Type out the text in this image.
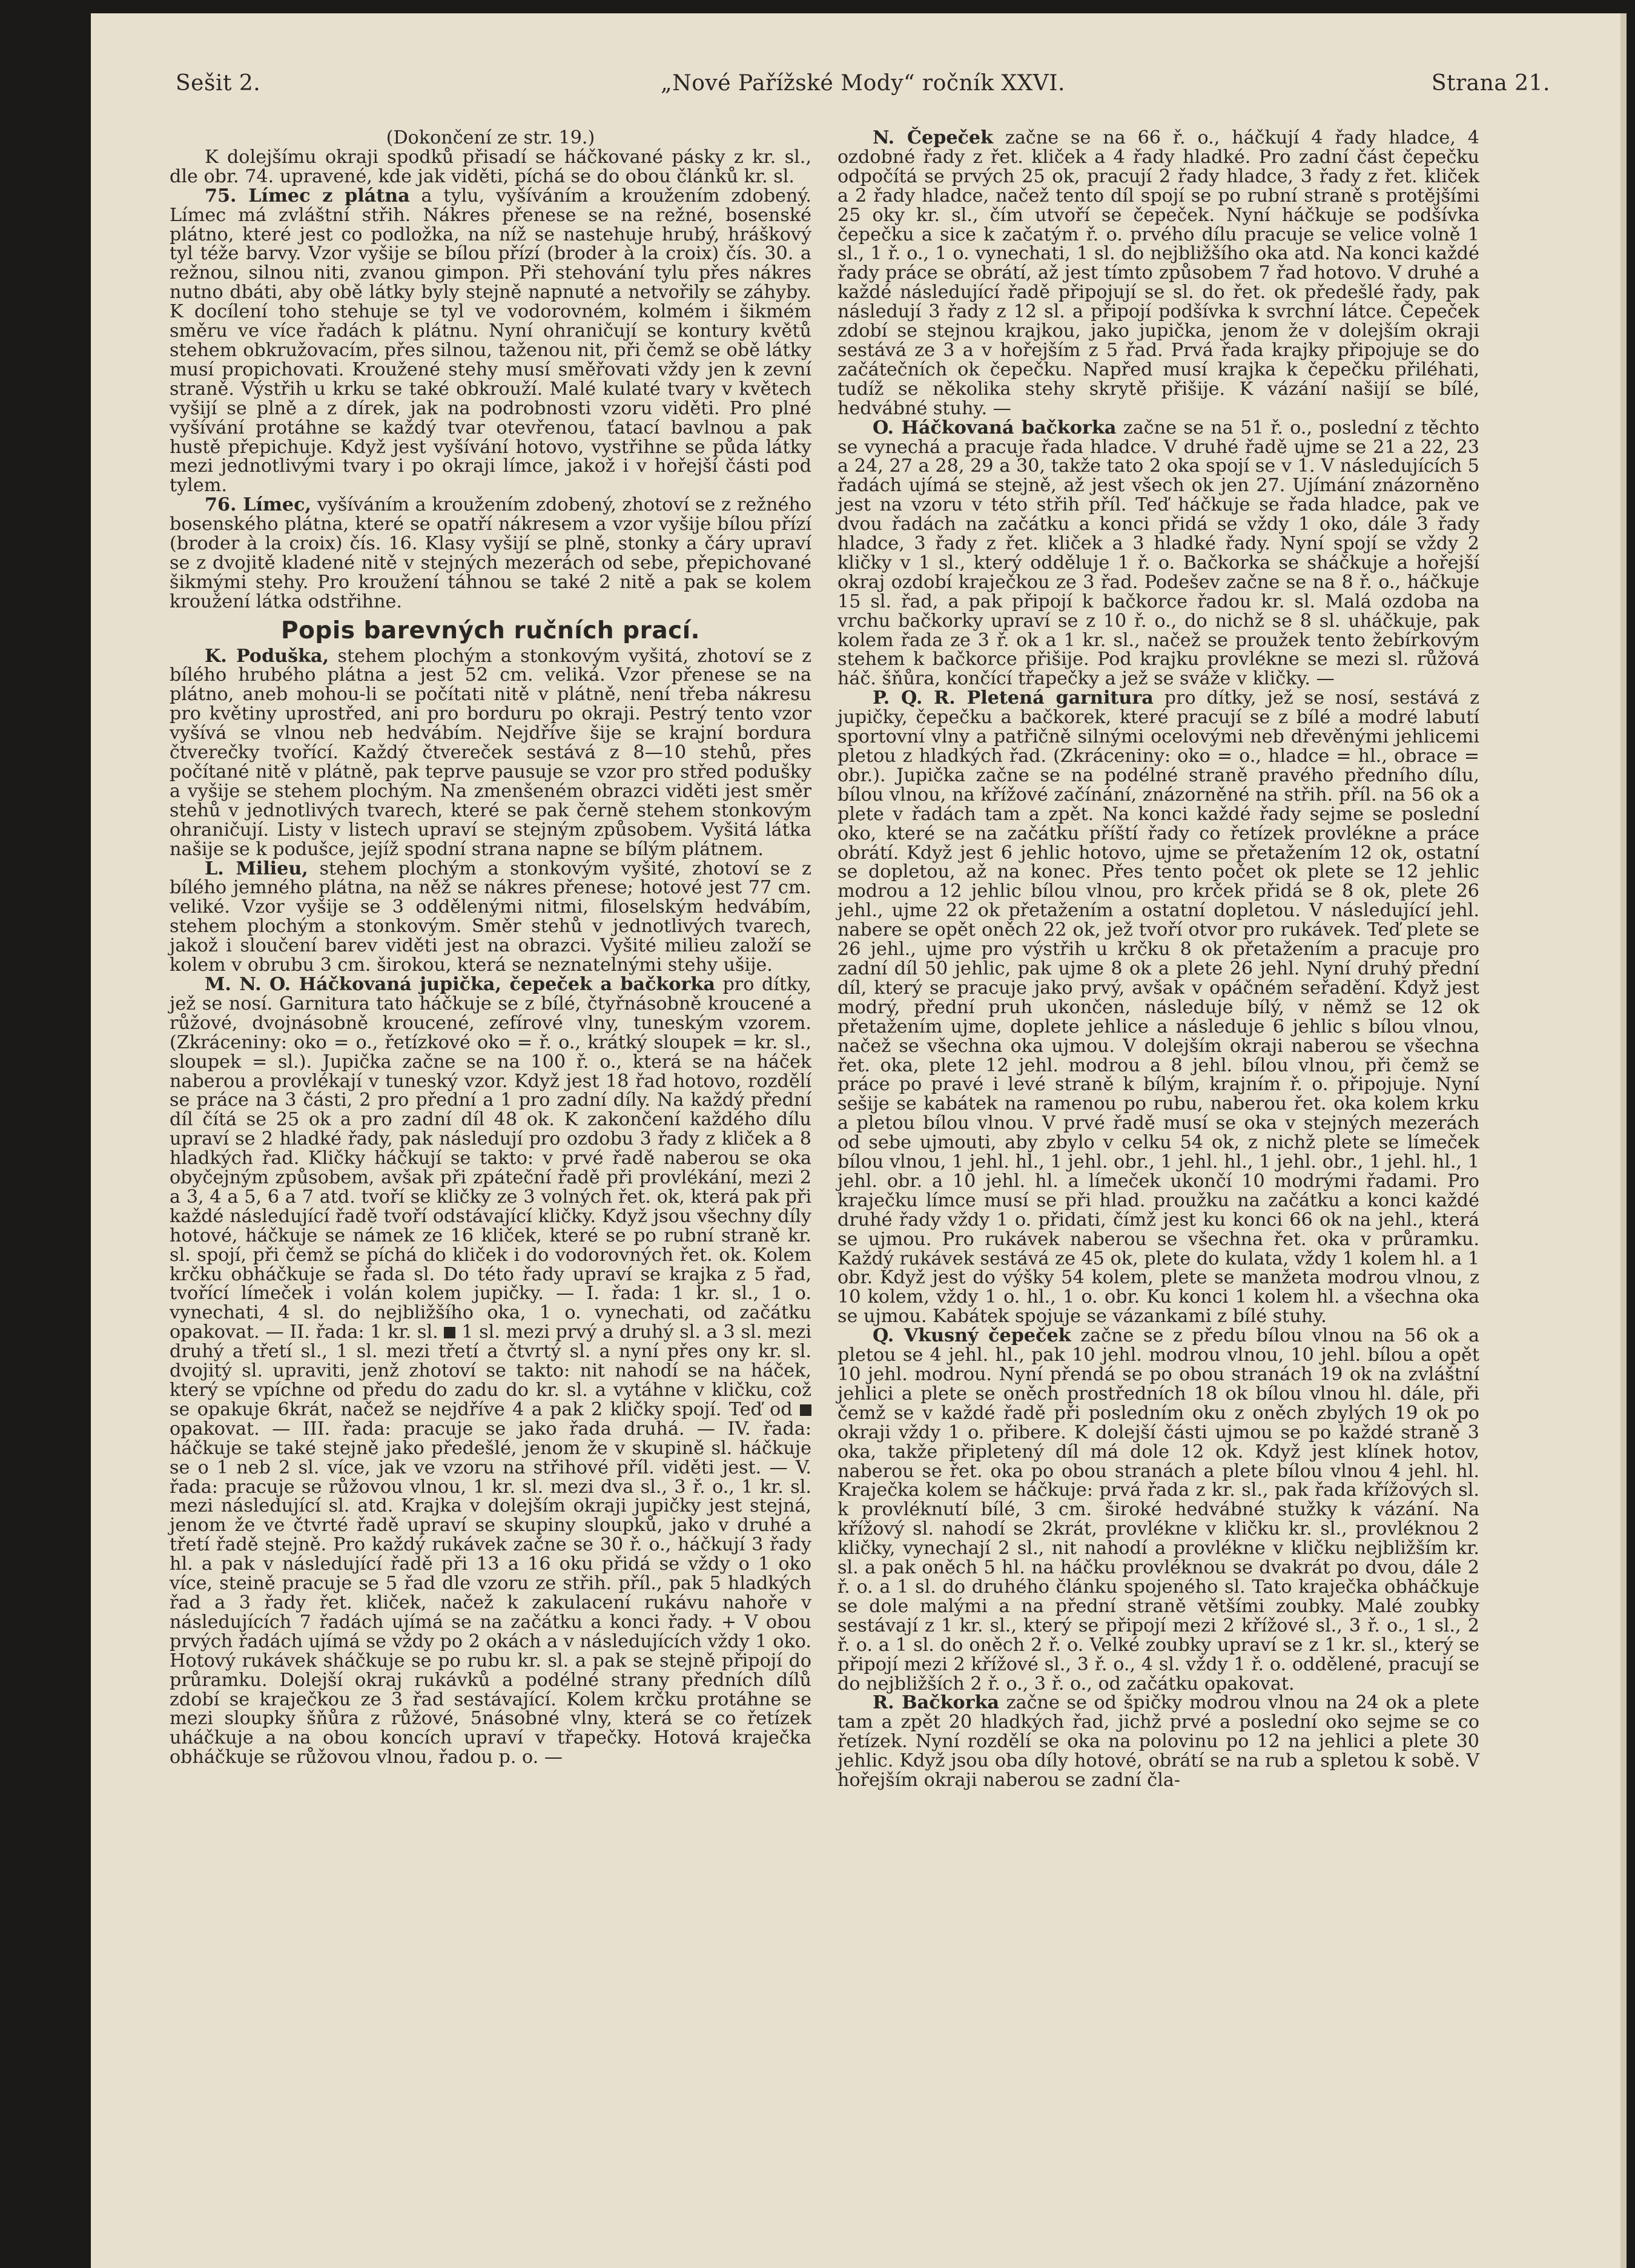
Sešit 2.	„Nové Pařížské Mody“ ročník XXVI.	Strana 21.

(Dokončení ze str. 19.)

K dolejšímu okraji spodků přisadí se háčkované pásky z kr. sl., dle obr. 74. upravené, kde jak viděti, píchá se do obou článků kr. sl.

75. Límec z plátna a tylu, vyšíváním a kroužením zdobený. Límec má zvláštní střih. Nákres přenese se na režné, bosenské plátno, které jest co podložka, na níž se nastehuje hrubý, hráškový tyl téže barvy. Vzor vyšije se bílou přízí (broder à la croix) čís. 30. a režnou, silnou niti, zvanou gimpon. Při stehování tylu přes nákres nutno dbáti, aby obě látky byly stejně napnuté a netvořily se záhyby. K docílení toho stehuje se tyl ve vodorovném, kolmém i šikmém směru ve více řadách k plátnu. Nyní ohraničují se kontury květů stehem obkružovacím, přes silnou, taženou nit, při čemž se obě látky musí propichovati. Kroužené stehy musí směřovati vždy jen k zevní straně. Výstřih u krku se také obkrouží. Malé kulaté tvary v květech vyšijí se plně a z dírek, jak na podrobnosti vzoru viděti. Pro plné vyšívání protáhne se každý tvar otevřenou, ťatací bavlnou a pak hustě přepichuje. Když jest vyšívání hotovo, vystřihne se půda látky mezi jednotlivými tvary i po okraji límce, jakož i v hořejší části pod tylem.

76. Límec, vyšíváním a kroužením zdobený, zhotoví se z režného bosenského plátna, které se opatří nákresem a vzor vyšije bílou přízí (broder à la croix) čís. 16. Klasy vyšijí se plně, stonky a čáry upraví se z dvojitě kladené nitě v stejných mezerách od sebe, přepichované šikmými stehy. Pro kroužení táhnou se také 2 nitě a pak se kolem kroužení látka odstřihne.

Popis barevných ručních prací.

K. Poduška, stehem plochým a stonkovým vyšitá, zhotoví se z bílého hrubého plátna a jest 52 cm. veliká. Vzor přenese se na plátno, aneb mohou-li se počítati nitě v plátně, není třeba nákresu pro květiny uprostřed, ani pro borduru po okraji. Pestrý tento vzor vyšívá se vlnou neb hedvábím. Nejdříve šije se krajní bordura čtverečky tvořící. Každý čtvereček sestává z 8—10 stehů, přes počítané nitě v plátně, pak teprve pausuje se vzor pro střed podušky a vyšije se stehem plochým. Na zmenšeném obrazci viděti jest směr stehů v jednotlivých tvarech, které se pak černě stehem stonkovým ohraničují. Listy v listech upraví se stejným způsobem. Vyšitá látka našije se k podušce, jejíž spodní strana napne se bílým plátnem.

L. Milieu, stehem plochým a stonkovým vyšité, zhotoví se z bílého jemného plátna, na něž se nákres přenese; hotové jest 77 cm. veliké. Vzor vyšije se 3 oddělenými nitmi, filoselským hedvábím, stehem plochým a stonkovým. Směr stehů v jednotlivých tvarech, jakož i sloučení barev viděti jest na obrazci. Vyšité milieu založí se kolem v obrubu 3 cm. širokou, která se neznatelnými stehy ušije.

M. N. O. Háčkovaná jupička, čepeček a bačkorka pro dítky, jež se nosí. Garnitura tato háčkuje se z bílé, čtyřnásobně kroucené a růžové, dvojnásobně kroucené, zefírové vlny, tuneským vzorem. (Zkráceniny: oko = o., řetízkové oko = ř. o., krátký sloupek = kr. sl., sloupek = sl.). Jupička začne se na 100 ř. o., která se na háček naberou a provlékají v tuneský vzor. Když jest 18 řad hotovo, rozdělí se práce na 3 části, 2 pro přední a 1 pro zadní díly. Na každý přední díl čítá se 25 ok a pro zadní díl 48 ok. K zakončení každého dílu upraví se 2 hladké řady, pak následují pro ozdobu 3 řady z kliček a 8 hladkých řad. Kličky háčkují se takto: v prvé řadě naberou se oka obyčejným způsobem, avšak při zpáteční řadě při provlékání, mezi 2 a 3, 4 a 5, 6 a 7 atd. tvoří se kličky ze 3 volných řet. ok, která pak při každé následující řadě tvoří odstávající kličky. Když jsou všechny díly hotové, háčkuje se námek ze 16 kliček, které se po rubní straně kr. sl. spojí, při čemž se píchá do kliček i do vodorovných řet. ok. Kolem krčku obháčkuje se řada sl. Do této řady upraví se krajka z 5 řad, tvořící límeček i volán kolem jupičky. — I. řada: 1 kr. sl., 1 o. vynechati, 4 sl. do nejbližšího oka, 1 o. vynechati, od začátku opakovat. — II. řada: 1 kr. sl.  1 sl. mezi prvý a druhý sl. a 3 sl. mezi druhý a třetí sl., 1 sl. mezi třetí a čtvrtý sl. a nyní přes ony kr. sl. dvojitý sl. upraviti, jenž zhotoví se takto: nit nahodí se na háček, který se vpíchne od předu do zadu do kr. sl. a vytáhne v kličku, což se opakuje 6krát, načež se nejdříve 4 a pak 2 kličky spojí. Teď od  opakovat. — III. řada: pracuje se jako řada druhá. — IV. řada: háčkuje se také stejně jako předešlé, jenom že v skupině sl. háčkuje se o 1 neb 2 sl. více, jak ve vzoru na střihové příl. viděti jest. — V. řada: pracuje se růžovou vlnou, 1 kr. sl. mezi dva sl., 3 ř. o., 1 kr. sl. mezi následující sl. atd. Krajka v dolejším okraji jupičky jest stejná, jenom že ve čtvrté řadě upraví se skupiny sloupků, jako v druhé a třetí řadě stejně. Pro každý rukávek začne se 30 ř. o., háčkují 3 řady hl. a pak v následující řadě při 13 a 16 oku přidá se vždy o 1 oko více, steině pracuje se 5 řad dle vzoru ze střih. příl., pak 5 hladkých řad a 3 řady řet. kliček, načež k zakulacení rukávu nahoře v následujících 7 řadách ujímá se na začátku a konci řady. + V obou prvých řadách ujímá se vždy po 2 okách a v následujících vždy 1 oko. Hotový rukávek sháčkuje se po rubu kr. sl. a pak se stejně připojí do průramku. Dolejší okraj rukávků a podélné strany předních dílů zdobí se kraječkou ze 3 řad sestávající. Kolem krčku protáhne se mezi sloupky šňůra z růžové, 5násobné vlny, která se co řetízek uháčkuje a na obou koncích upraví v třapečky. Hotová kraječka obháčkuje se růžovou vlnou, řadou p. o. —

N. Čepeček začne se na 66 ř. o., háčkují 4 řady hladce, 4 ozdobné řady z řet. kliček a 4 řady hladké. Pro zadní část čepečku odpočítá se prvých 25 ok, pracují 2 řady hladce, 3 řady z řet. kliček a 2 řady hladce, načež tento díl spojí se po rubní straně s protějšími 25 oky kr. sl., čím utvoří se čepeček. Nyní háčkuje se podšívka čepečku a sice k začatým ř. o. prvého dílu pracuje se velice volně 1 sl., 1 ř. o., 1 o. vynechati, 1 sl. do nejbližšího oka atd. Na konci každé řady práce se obrátí, až jest tímto způsobem 7 řad hotovo. V druhé a každé následující řadě připojují se sl. do řet. ok předešlé řady, pak následují 3 řady z 12 sl. a připojí podšívka k svrchní látce. Čepeček zdobí se stejnou krajkou, jako jupička, jenom že v dolejším okraji sestává ze 3 a v hořejším z 5 řad. Prvá řada krajky připojuje se do začátečních ok čepečku. Napřed musí krajka k čepečku přiléhati, tudíž se několika stehy skrytě přišije. K vázání našijí se bílé, hedvábné stuhy. —

O. Háčkovaná bačkorka začne se na 51 ř. o., poslední z těchto se vynechá a pracuje řada hladce. V druhé řadě ujme se 21 a 22, 23 a 24, 27 a 28, 29 a 30, takže tato 2 oka spojí se v 1. V následujících 5 řadách ujímá se stejně, až jest všech ok jen 27. Ujímání znázorněno jest na vzoru v této střih příl. Teď háčkuje se řada hladce, pak ve dvou řadách na začátku a konci přidá se vždy 1 oko, dále 3 řady hladce, 3 řady z řet. kliček a 3 hladké řady. Nyní spojí se vždy 2 kličky v 1 sl., který odděluje 1 ř. o. Bačkorka se sháčkuje a hořejší okraj ozdobí kraječkou ze 3 řad. Podešev začne se na 8 ř. o., háčkuje 15 sl. řad, a pak připojí k bačkorce řadou kr. sl. Malá ozdoba na vrchu bačkorky upraví se z 10 ř. o., do nichž se 8 sl. uháčkuje, pak kolem řada ze 3 ř. ok a 1 kr. sl., načež se proužek tento žebírkovým stehem k bačkorce přišije. Pod krajku provlékne se mezi sl. růžová háč. šňůra, končící třapečky a jež se sváže v kličky. —

P. Q. R. Pletená garnitura pro dítky, jež se nosí, sestává z jupičky, čepečku a bačkorek, které pracují se z bílé a modré labutí sportovní vlny a patřičně silnými ocelovými neb dřevěnými jehlicemi pletou z hladkých řad. (Zkráceniny: oko = o., hladce = hl., obrace = obr.). Jupička začne se na podélné straně pravého předního dílu, bílou vlnou, na křížové začínání, znázorněné na střih. příl. na 56 ok a plete v řadách tam a zpět. Na konci každé řady sejme se poslední oko, které se na začátku příští řady co řetízek provlékne a práce obrátí. Když jest 6 jehlic hotovo, ujme se přetažením 12 ok, ostatní se dopletou, až na konec. Přes tento počet ok plete se 12 jehlic modrou a 12 jehlic bílou vlnou, pro krček přidá se 8 ok, plete 26 jehl., ujme 22 ok přetažením a ostatní dopletou. V následující jehl. nabere se opět oněch 22 ok, jež tvoří otvor pro rukávek. Teď plete se 26 jehl., ujme pro výstřih u krčku 8 ok přetažením a pracuje pro zadní díl 50 jehlic, pak ujme 8 ok a plete 26 jehl. Nyní druhý přední díl, který se pracuje jako prvý, avšak v opáčném seřadění. Když jest modrý, přední pruh ukončen, následuje bílý, v němž se 12 ok přetažením ujme, doplete jehlice a následuje 6 jehlic s bílou vlnou, načež se všechna oka ujmou. V dolejším okraji naberou se všechna řet. oka, plete 12 jehl. modrou a 8 jehl. bílou vlnou, při čemž se práce po pravé i levé straně k bílým, krajním ř. o. připojuje. Nyní sešije se kabátek na ramenou po rubu, naberou řet. oka kolem krku a pletou bílou vlnou. V prvé řadě musí se oka v stejných mezerách od sebe ujmouti, aby zbylo v celku 54 ok, z nichž plete se límeček bílou vlnou, 1 jehl. hl., 1 jehl. obr., 1 jehl. hl., 1 jehl. obr., 1 jehl. hl., 1 jehl. obr. a 10 jehl. hl. a límeček ukončí 10 modrými řadami. Pro kraječku límce musí se při hlad. proužku na začátku a konci každé druhé řady vždy 1 o. přidati, čímž jest ku konci 66 ok na jehl., která se ujmou. Pro rukávek naberou se všechna řet. oka v průramku. Každý rukávek sestává ze 45 ok, plete do kulata, vždy 1 kolem hl. a 1 obr. Když jest do výšky 54 kolem, plete se manžeta modrou vlnou, z 10 kolem, vždy 1 o. hl., 1 o. obr. Ku konci 1 kolem hl. a všechna oka se ujmou. Kabátek spojuje se vázankami z bílé stuhy.

Q. Vkusný čepeček začne se z předu bílou vlnou na 56 ok a pletou se 4 jehl. hl., pak 10 jehl. modrou vlnou, 10 jehl. bílou a opět 10 jehl. modrou. Nyní přendá se po obou stranách 19 ok na zvláštní jehlici a plete se oněch prostředních 18 ok bílou vlnou hl. dále, při čemž se v každé řadě při posledním oku z oněch zbylých 19 ok po okraji vždy 1 o. přibere. K dolejší části ujmou se po každé straně 3 oka, takže připletený díl má dole 12 ok. Když jest klínek hotov, naberou se řet. oka po obou stranách a plete bílou vlnou 4 jehl. hl. Kraječka kolem se háčkuje: prvá řada z kr. sl., pak řada křížových sl. k provléknutí bílé, 3 cm. široké hedvábné stužky k vázání. Na křížový sl. nahodí se 2krát, provlékne v kličku kr. sl., provléknou 2 kličky, vynechají 2 sl., nit nahodí a provlékne v kličku nejbližším kr. sl. a pak oněch 5 hl. na háčku provléknou se dvakrát po dvou, dále 2 ř. o. a 1 sl. do druhého článku spojeného sl. Tato kraječka obháčkuje se dole malými a na přední straně většími zoubky. Malé zoubky sestávají z 1 kr. sl., který se připojí mezi 2 křížové sl., 3 ř. o., 1 sl., 2 ř. o. a 1 sl. do oněch 2 ř. o. Velké zoubky upraví se z 1 kr. sl., který se připojí mezi 2 křížové sl., 3 ř. o., 4 sl. vždy 1 ř. o. oddělené, pracují se do nejbližších 2 ř. o., 3 ř. o., od začátku opakovat.

R. Bačkorka začne se od špičky modrou vlnou na 24 ok a plete tam a zpět 20 hladkých řad, jichž prvé a poslední oko sejme se co řetízek. Nyní rozdělí se oka na polovinu po 12 na jehlici a plete 30 jehlic. Když jsou oba díly hotové, obrátí se na rub a spletou k sobě. V hořejším okraji naberou se zadní čla-
